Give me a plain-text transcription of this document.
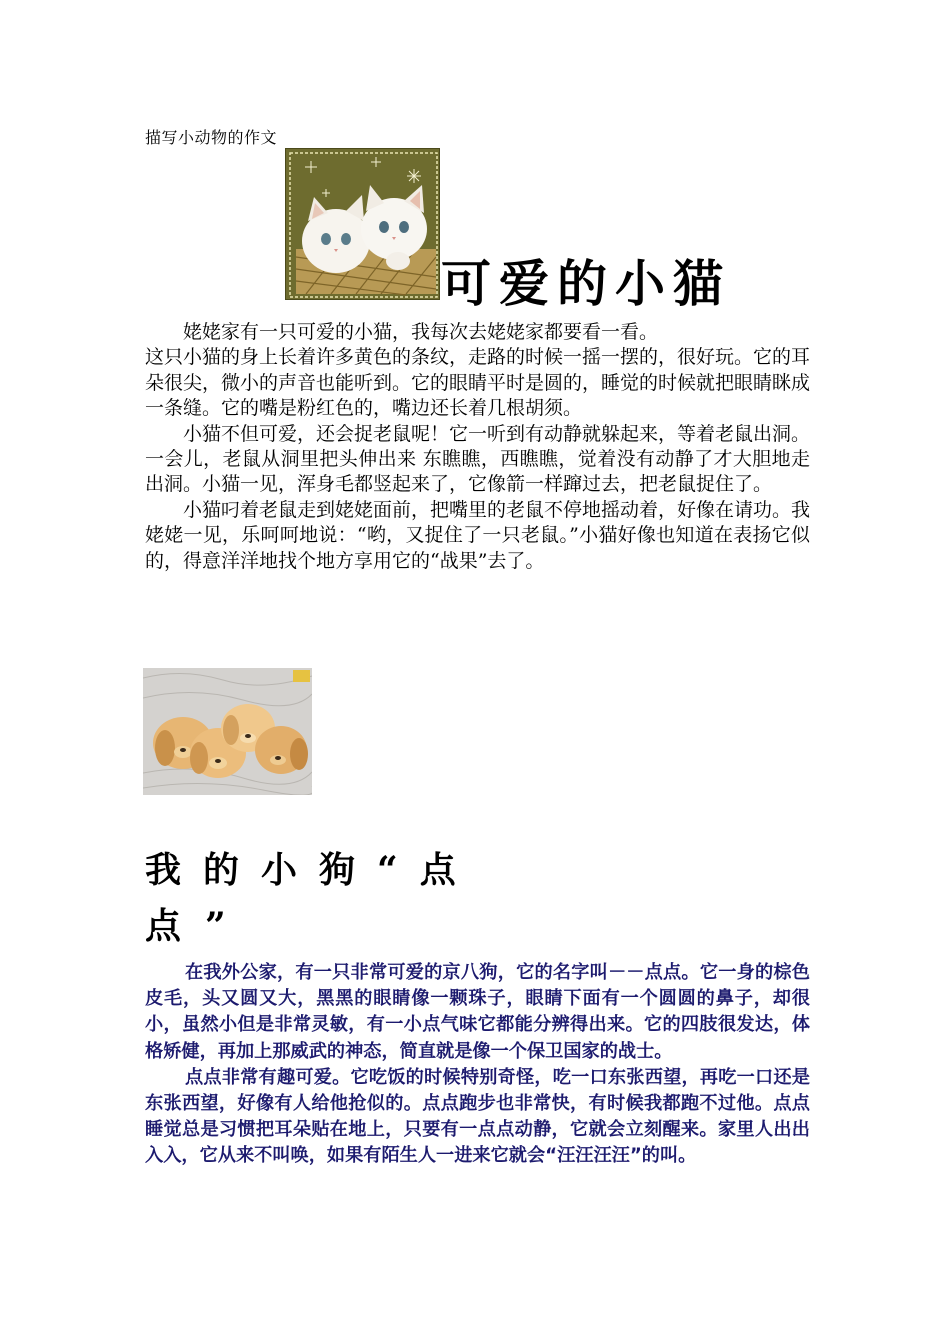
描写小动物的作文
可爱的小猫

姥姥家有一只可爱的小猫，我每次去姥姥家都要看一看。

这只小猫的身上长着许多黄色的条纹，走路的时候一摇一摆的，很好玩。它的耳朵很尖，微小的声音也能听到。它的眼睛平时是圆的，睡觉的时候就把眼睛眯成一条缝。它的嘴是粉红色的，嘴边还长着几根胡须。

小猫不但可爱，还会捉老鼠呢！它一听到有动静就躲起来，等着老鼠出洞。一会儿，老鼠从洞里把头伸出来 东瞧瞧，西瞧瞧，觉着没有动静了才大胆地走出洞。小猫一见，浑身毛都竖起来了，它像箭一样蹿过去，把老鼠捉住了。

小猫叼着老鼠走到姥姥面前，把嘴里的老鼠不停地摇动着，好像在请功。我姥姥一见，乐呵呵地说：“哟，又捉住了一只老鼠。”小猫好像也知道在表扬它似的，得意洋洋地找个地方享用它的“战果”去了。

我的小狗“点
点”

在我外公家，有一只非常可爱的京八狗，它的名字叫－－点点。它一身的棕色皮毛，头又圆又大，黑黑的眼睛像一颗珠子，眼睛下面有一个圆圆的鼻子，却很小，虽然小但是非常灵敏，有一小点气味它都能分辨得出来。它的四肢很发达，体格矫健，再加上那威武的神态，简直就是像一个保卫国家的战士。

点点非常有趣可爱。它吃饭的时候特别奇怪，吃一口东张西望，再吃一口还是东张西望，好像有人给他抢似的。点点跑步也非常快，有时候我都跑不过他。点点睡觉总是习惯把耳朵贴在地上，只要有一点点动静，它就会立刻醒来。家里人出出入入，它从来不叫唤，如果有陌生人一进来它就会“汪汪汪汪”的叫。
